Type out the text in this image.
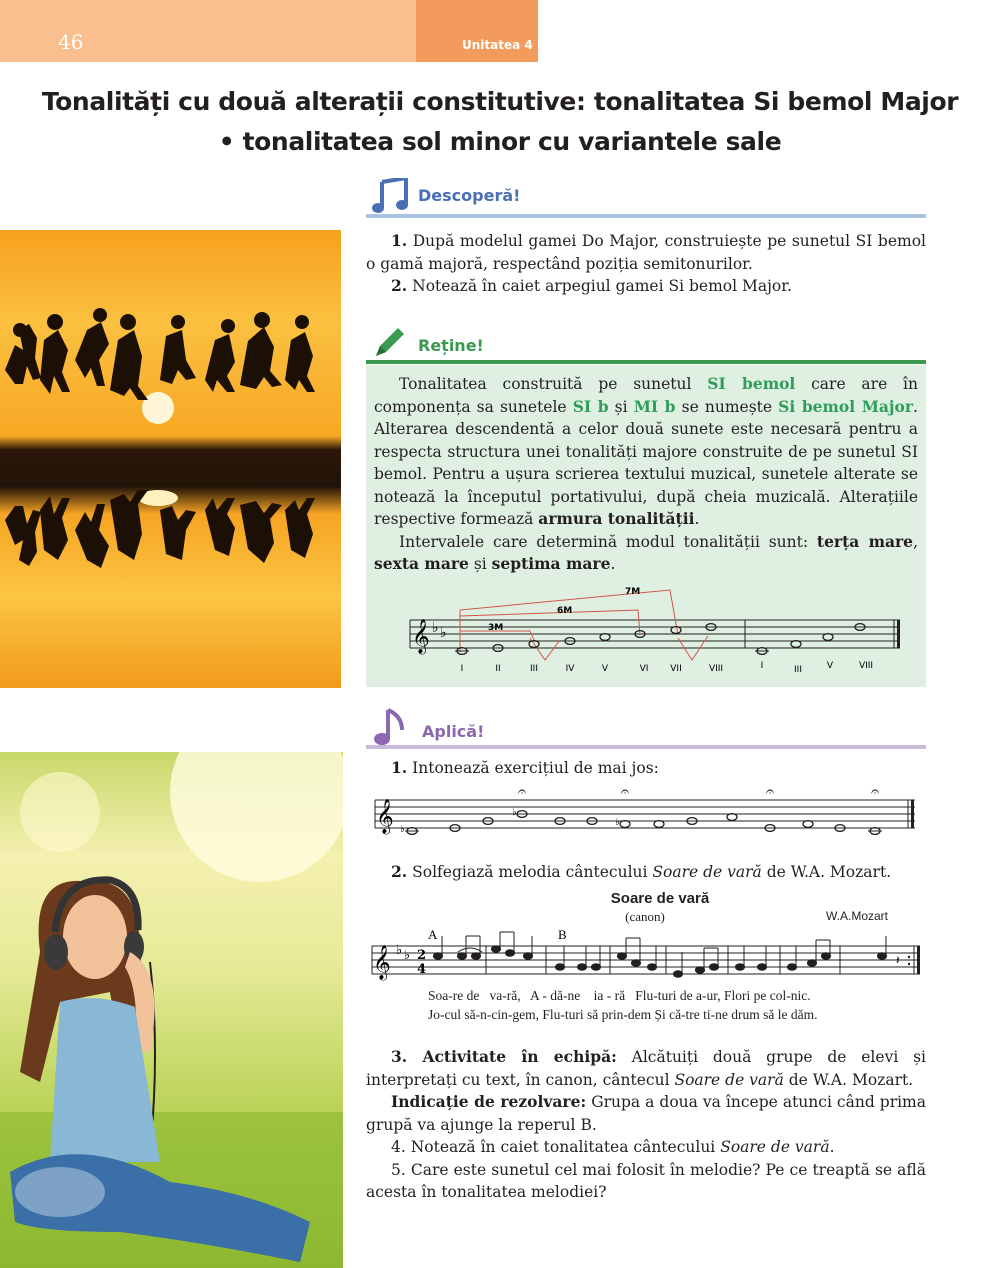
46	Unitatea 4
Tonalități cu două alterații constitutive: tonalitatea Si bemol Major
• tonalitatea sol minor cu variantele sale
Descoperă!

1. După modelul gamei Do Major, construiește pe sunetul SI bemol o gamă majoră, respectând poziția semitonurilor.

2. Notează în caiet arpegiul gamei Si bemol Major.

Reține!

Tonalitatea construită pe sunetul SI bemol care are în componența sa sunetele SI b și MI b se numește Si bemol Major. Alterarea descendentă a celor două sunete este necesară pentru a respecta structura unei tonalități majore construite de pe sunetul SI bemol. Pentru a ușura scrierea textului muzical, sunetele alterate se notează la începutul portativului, după cheia muzicală. Alterațiile respective formează armura tonalității.

Intervalele care determină modul tonalității sunt: terța mare, sexta mare și septima mare.

𝄞 ♭ ♭
7M
6M
3M
I	II	III	IV	V	VI VII	VIII	I	III	V	VIII
Aplică!

1. Intonează exercițiul de mai jos:

𝄞 ♭
♭
♭
𝄐	𝄐	𝄐	𝄐

2. Solfegiază melodia cântecului Soare de vară de W.A. Mozart.

Soare de vară
(canon)	W.A.Mozart
𝄞 ♭ ♭ 2
4
A	B
𝄽
Soa-re de   va-ră,   A - dă-ne    ia - ră   Flu-turi de a-ur, Flori pe col-nic.
Jo-cul să-n-cin-gem, Flu-turi să prin-dem Și că-tre ti-ne drum să le dăm.

3. Activitate în echipă: Alcătuiți două grupe de elevi și interpretați cu text, în canon, cântecul Soare de vară de W.A. Mozart.

Indicație de rezolvare: Grupa a doua va începe atunci când prima grupă va ajunge la reperul B.

4. Notează în caiet tonalitatea cântecului Soare de vară.

5. Care este sunetul cel mai folosit în melodie? Pe ce treaptă se află acesta în tonalitatea melodiei?
